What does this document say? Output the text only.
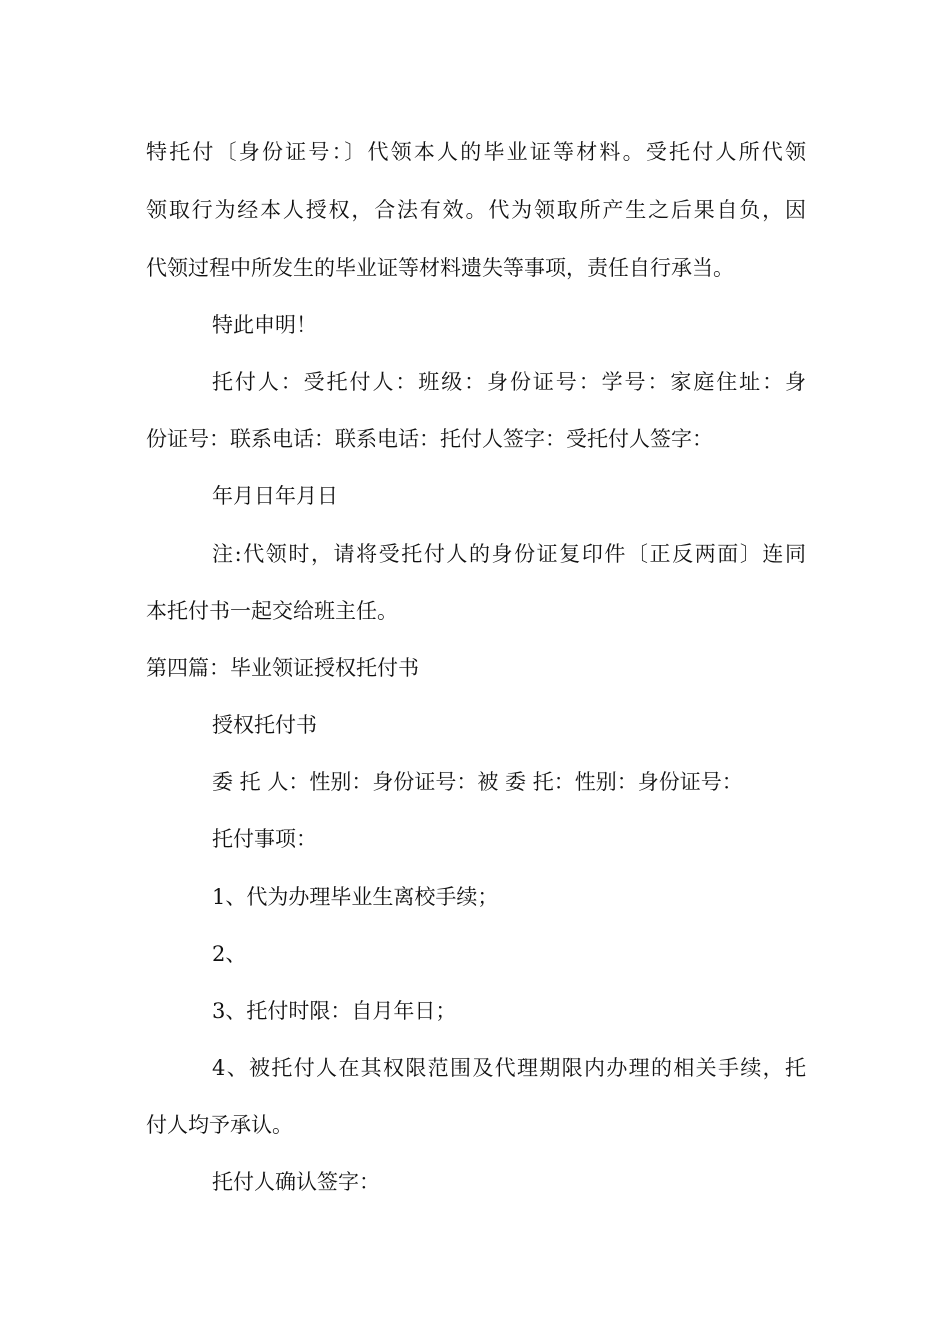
特托付〔身份证号：〕代领本人的毕业证等材料。受托付人所代领
领取行为经本人授权，合法有效。代为领取所产生之后果自负，因
代领过程中所发生的毕业证等材料遗失等事项，责任自行承当。
特此申明！
托付人：受托付人：班级：身份证号：学号：家庭住址：身
份证号：联系电话：联系电话：托付人签字：受托付人签字：
年月日年月日
注:代领时，请将受托付人的身份证复印件〔正反两面〕连同
本托付书一起交给班主任。
第四篇：毕业领证授权托付书
授权托付书
委 托 人：性别：身份证号：被 委 托：性别：身份证号：
托付事项：
1、代为办理毕业生离校手续；
2、
3、托付时限：自月年日；
4、被托付人在其权限范围及代理期限内办理的相关手续，托
付人均予承认。
托付人确认签字：
